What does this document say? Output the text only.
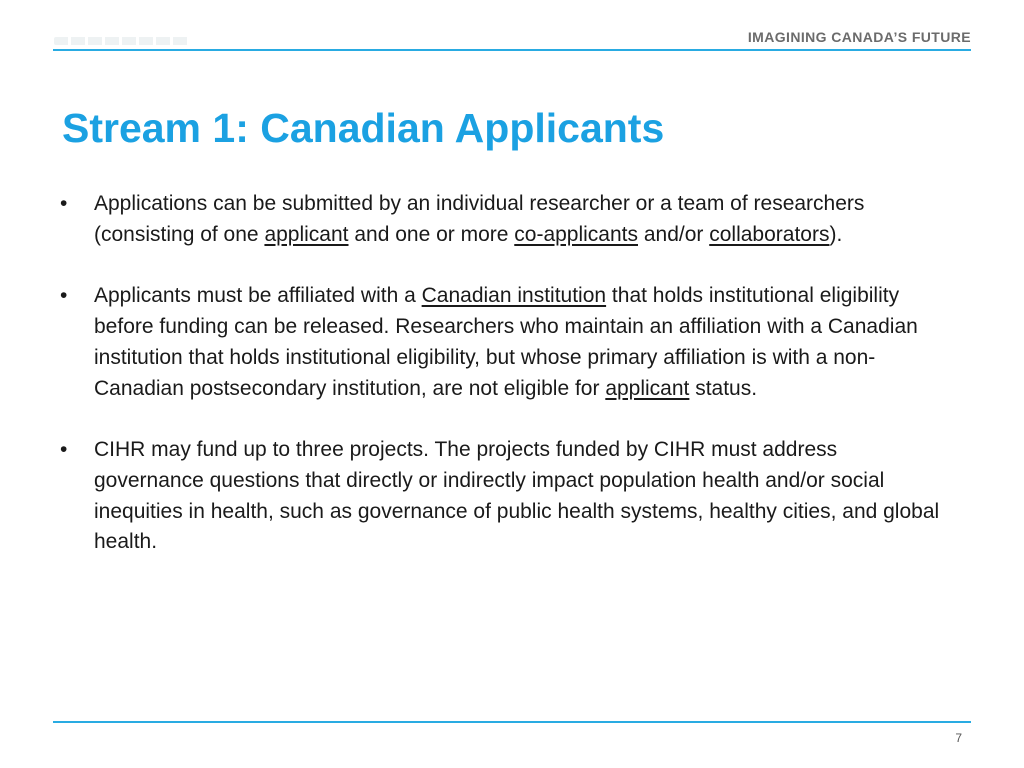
IMAGINING CANADA’S FUTURE
Stream 1: Canadian Applicants
• Applications can be submitted by an individual researcher or a team of researchers (consisting of one applicant and one or more co-applicants and/or collaborators).
• Applicants must be affiliated with a Canadian institution that holds institutional eligibility before funding can be released. Researchers who maintain an affiliation with a Canadian institution that holds institutional eligibility, but whose primary affiliation is with a non-Canadian postsecondary institution, are not eligible for applicant status.
• CIHR may fund up to three projects. The projects funded by CIHR must address governance questions that directly or indirectly impact population health and/or social inequities in health, such as governance of public health systems, healthy cities, and global health.
7
